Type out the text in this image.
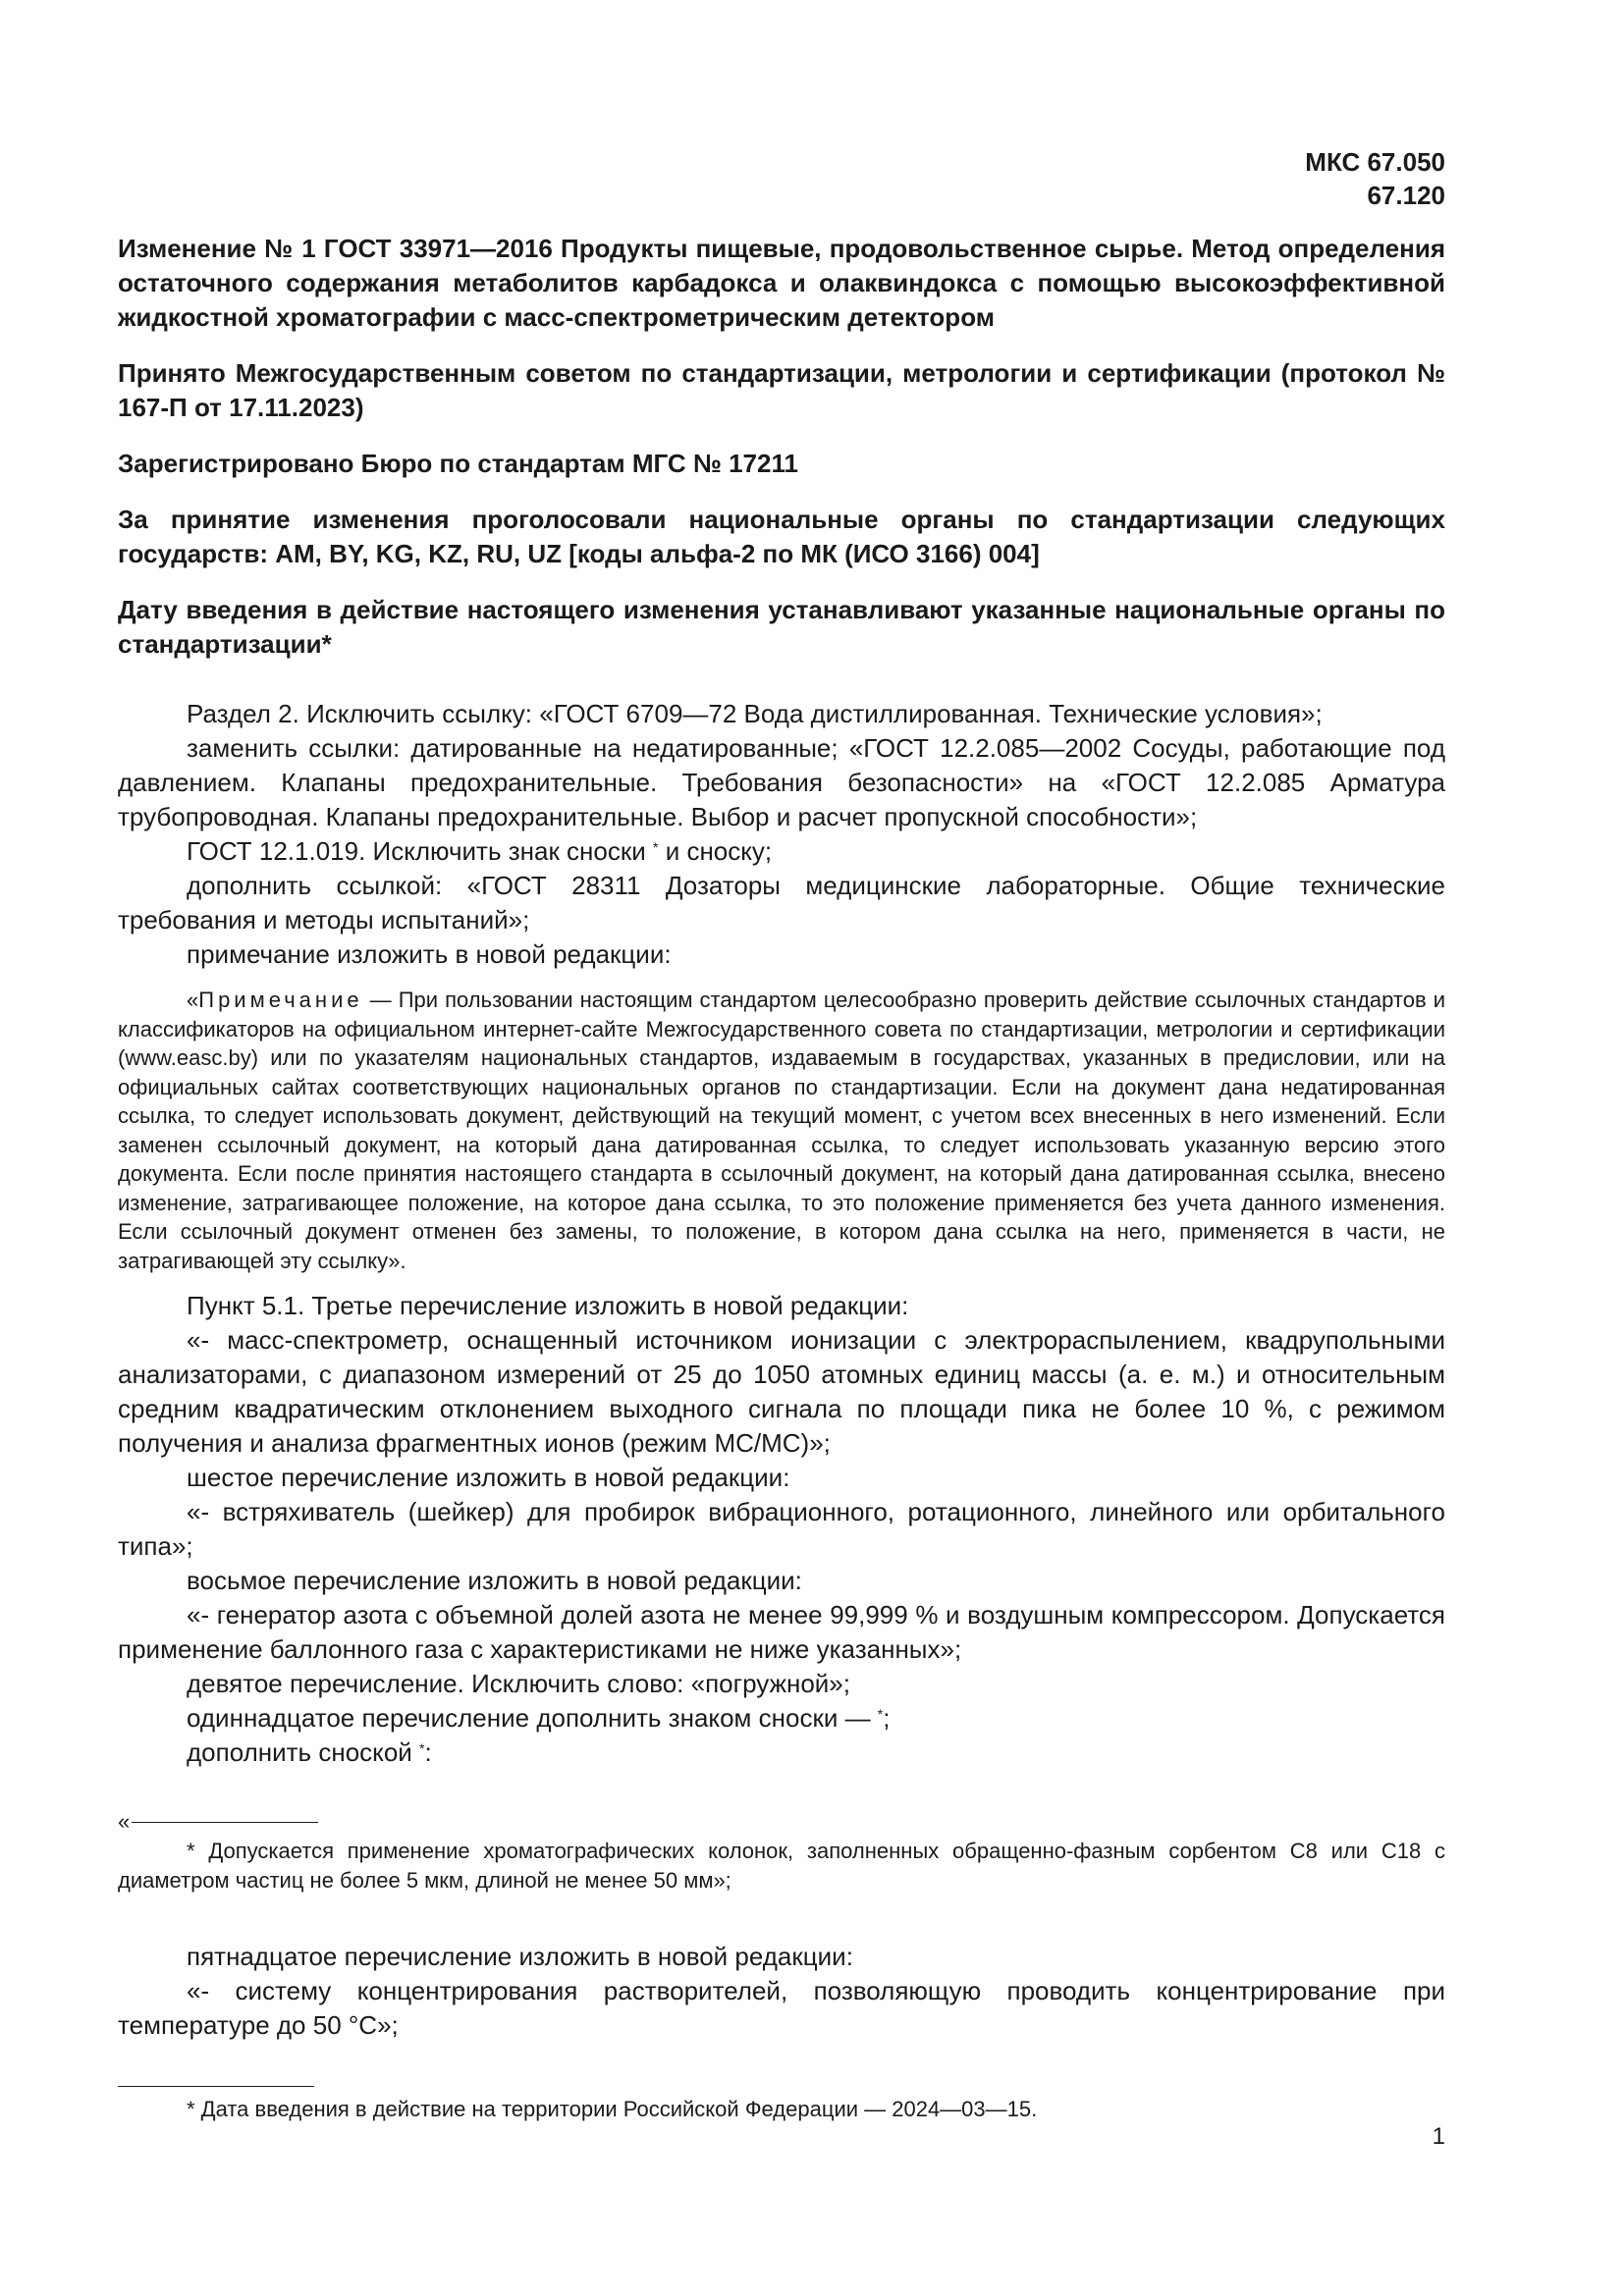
МКС 67.050
67.120

Изменение № 1 ГОСТ 33971—2016 Продукты пищевые, продовольственное сырье. Метод определения остаточного содержания метаболитов карбадокса и олаквиндокса с помощью высокоэффективной жидкостной хроматографии с масс-спектрометрическим детектором

Принято Межгосударственным советом по стандартизации, метрологии и сертификации (протокол № 167-П от 17.11.2023)

Зарегистрировано Бюро по стандартам МГС № 17211

За принятие изменения проголосовали национальные органы по стандартизации следующих государств: AM, BY, KG, KZ, RU, UZ [коды альфа-2 по МК (ИСО 3166) 004]

Дату введения в действие настоящего изменения устанавливают указанные национальные органы по стандартизации*

Раздел 2. Исключить ссылку: «ГОСТ 6709—72 Вода дистиллированная. Технические условия»;

заменить ссылки: датированные на недатированные; «ГОСТ 12.2.085—2002 Сосуды, работающие под давлением. Клапаны предохранительные. Требования безопасности» на «ГОСТ 12.2.085 Арматура трубопроводная. Клапаны предохранительные. Выбор и расчет пропускной способности»;

ГОСТ 12.1.019. Исключить знак сноски * и сноску;

дополнить ссылкой: «ГОСТ 28311 Дозаторы медицинские лабораторные. Общие технические требования и методы испытаний»;

примечание изложить в новой редакции:

«Примечание — При пользовании настоящим стандартом целесообразно проверить действие ссылочных стандартов и классификаторов на официальном интернет-сайте Межгосударственного совета по стандартизации, метрологии и сертификации (www.easc.by) или по указателям национальных стандартов, издаваемым в государствах, указанных в предисловии, или на официальных сайтах соответствующих национальных органов по стандартизации. Если на документ дана недатированная ссылка, то следует использовать документ, действующий на текущий момент, с учетом всех внесенных в него изменений. Если заменен ссылочный документ, на который дана датированная ссылка, то следует использовать указанную версию этого документа. Если после принятия настоящего стандарта в ссылочный документ, на который дана датированная ссылка, внесено изменение, затрагивающее положение, на которое дана ссылка, то это положение применяется без учета данного изменения. Если ссылочный документ отменен без замены, то положение, в котором дана ссылка на него, применяется в части, не затрагивающей эту ссылку».

Пункт 5.1. Третье перечисление изложить в новой редакции:

«- масс-спектрометр, оснащенный источником ионизации с электрораспылением, квадрупольными анализаторами, с диапазоном измерений от 25 до 1050 атомных единиц массы (а. е. м.) и относительным средним квадратическим отклонением выходного сигнала по площади пика не более 10 %, с режимом получения и анализа фрагментных ионов (режим МС/МС)»;

шестое перечисление изложить в новой редакции:

«- встряхиватель (шейкер) для пробирок вибрационного, ротационного, линейного или орбитального типа»;

восьмое перечисление изложить в новой редакции:

«- генератор азота с объемной долей азота не менее 99,999 % и воздушным компрессором. Допускается применение баллонного газа с характеристиками не ниже указанных»;

девятое перечисление. Исключить слово: «погружной»;

одиннадцатое перечисление дополнить знаком сноски — *;

дополнить сноской *:

«

* Допускается применение хроматографических колонок, заполненных обращенно-фазным сорбентом С8 или С18 с диаметром частиц не более 5 мкм, длиной не менее 50 мм»;

пятнадцатое перечисление изложить в новой редакции:

«- систему концентрирования растворителей, позволяющую проводить концентрирование при температуре до 50 °С»;

* Дата введения в действие на территории Российской Федерации — 2024—03—15.

1
